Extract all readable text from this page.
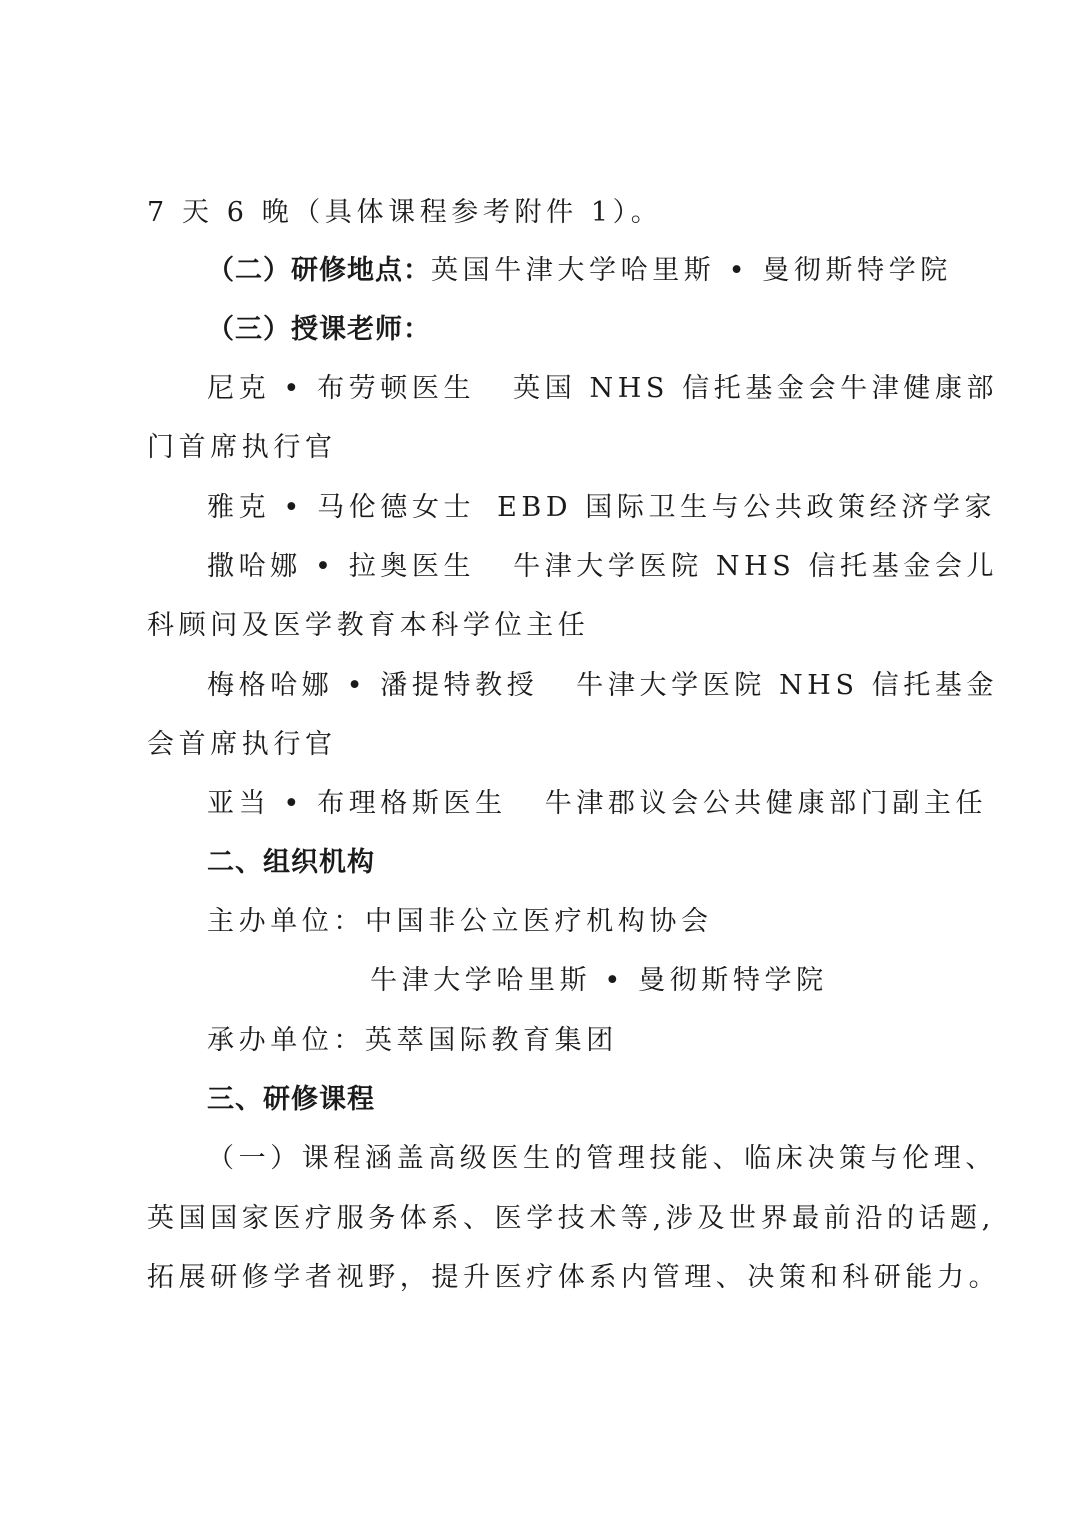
7 天 6 晚（具体课程参考附件 1）。
（二）研修地点：英国牛津大学哈里斯 • 曼彻斯特学院
（三）授课老师：
尼克 • 布劳顿医生 英国 NHS 信托基金会牛津健康部
门首席执行官
雅克 • 马伦德女士 EBD 国际卫生与公共政策经济学家
撒哈娜 • 拉奥医生 牛津大学医院 NHS 信托基金会儿
科顾问及医学教育本科学位主任
梅格哈娜 • 潘提特教授 牛津大学医院 NHS 信托基金
会首席执行官
亚当 • 布理格斯医生 牛津郡议会公共健康部门副主任
二、组织机构
主办单位：中国非公立医疗机构协会
牛津大学哈里斯 • 曼彻斯特学院
承办单位：英萃国际教育集团
三、研修课程
（一）课程涵盖高级医生的管理技能、临床决策与伦理、
英国国家医疗服务体系、医学技术等,涉及世界最前沿的话题,
拓展研修学者视野，提升医疗体系内管理、决策和科研能力。
